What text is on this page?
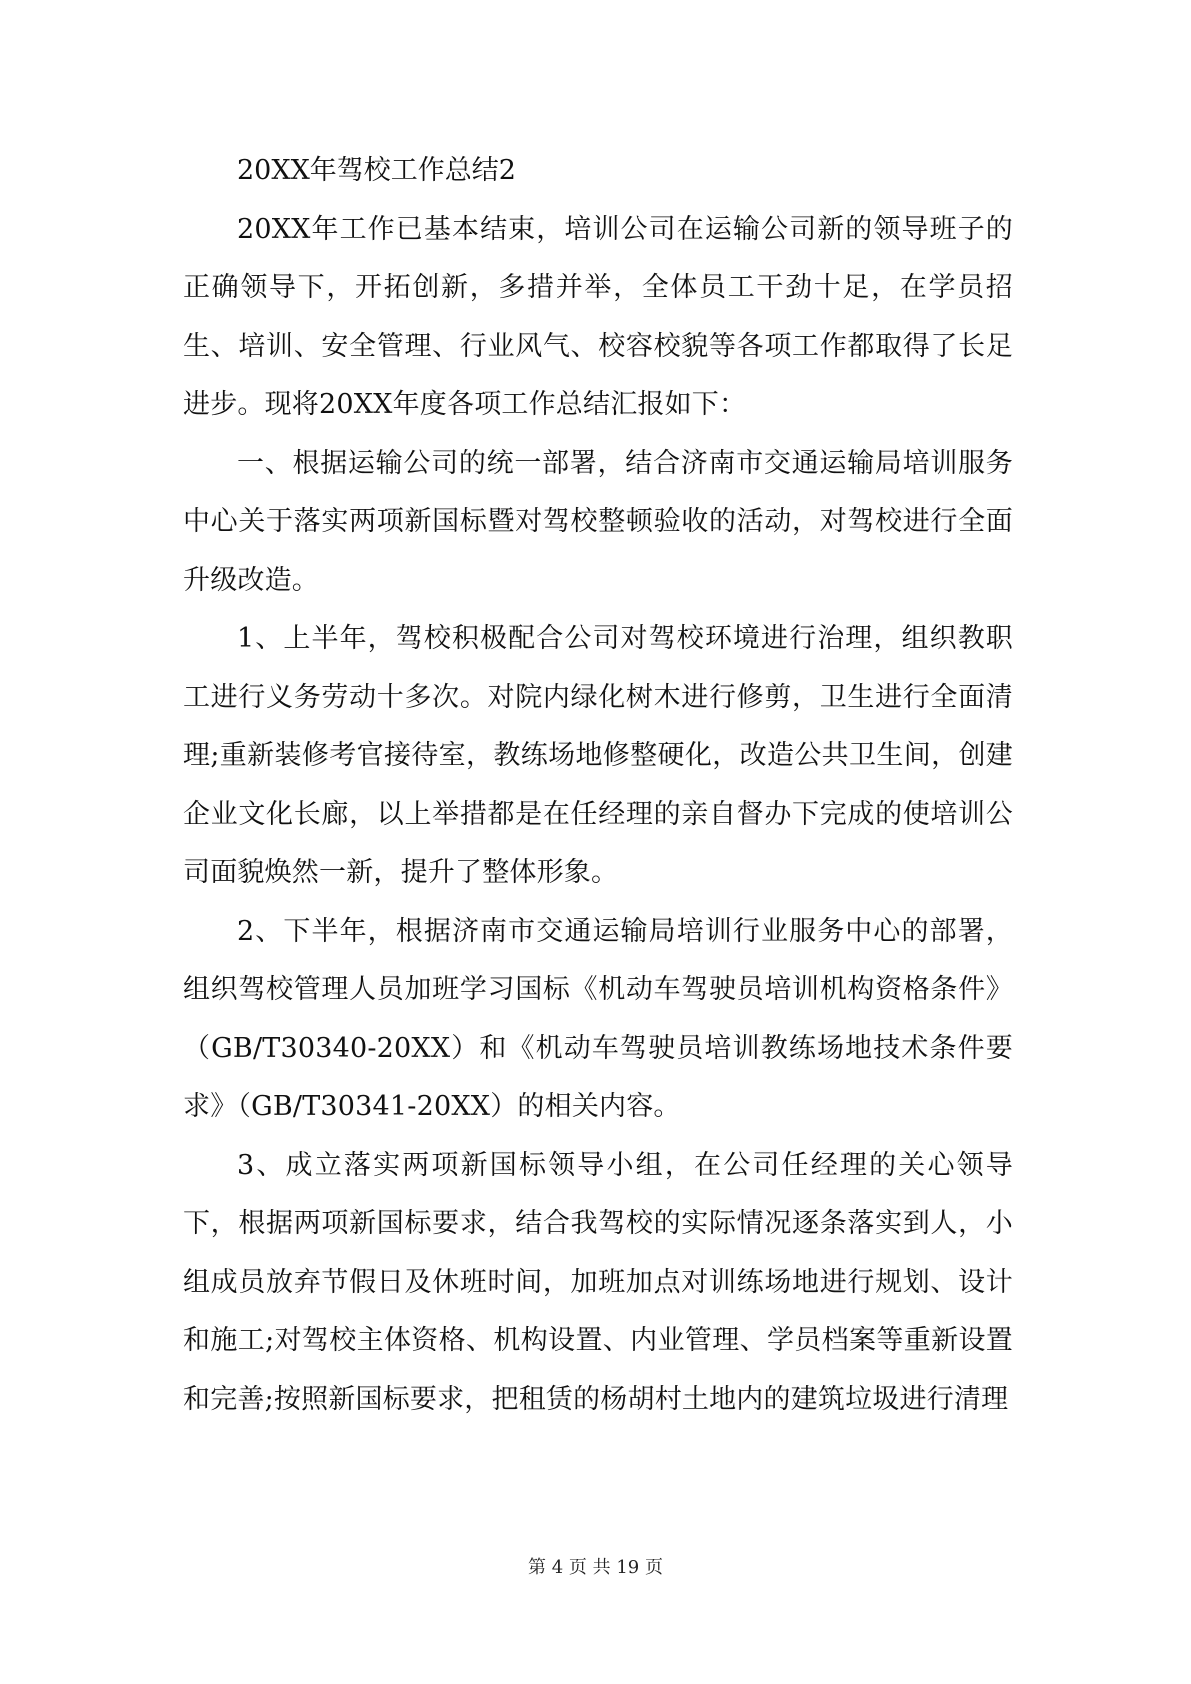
20XX年驾校工作总结2

20XX年工作已基本结束，培训公司在运输公司新的领导班子的正确领导下，开拓创新，多措并举，全体员工干劲十足，在学员招生、培训、安全管理、行业风气、校容校貌等各项工作都取得了长足进步。现将20XX年度各项工作总结汇报如下：

一、根据运输公司的统一部署，结合济南市交通运输局培训服务中心关于落实两项新国标暨对驾校整顿验收的活动，对驾校进行全面升级改造。

1、上半年，驾校积极配合公司对驾校环境进行治理，组织教职工进行义务劳动十多次。对院内绿化树木进行修剪，卫生进行全面清理;重新装修考官接待室，教练场地修整硬化，改造公共卫生间，创建企业文化长廊，以上举措都是在任经理的亲自督办下完成的使培训公司面貌焕然一新，提升了整体形象。

2、下半年，根据济南市交通运输局培训行业服务中心的部署，组织驾校管理人员加班学习国标《机动车驾驶员培训机构资格条件》（GB/T30340-20XX）和《机动车驾驶员培训教练场地技术条件要求》（GB/T30341-20XX）的相关内容。

3、成立落实两项新国标领导小组，在公司任经理的关心领导下，根据两项新国标要求，结合我驾校的实际情况逐条落实到人，小组成员放弃节假日及休班时间，加班加点对训练场地进行规划、设计和施工;对驾校主体资格、机构设置、内业管理、学员档案等重新设置和完善;按照新国标要求，把租赁的杨胡村土地内的建筑垃圾进行清理

第 4 页 共 19 页
